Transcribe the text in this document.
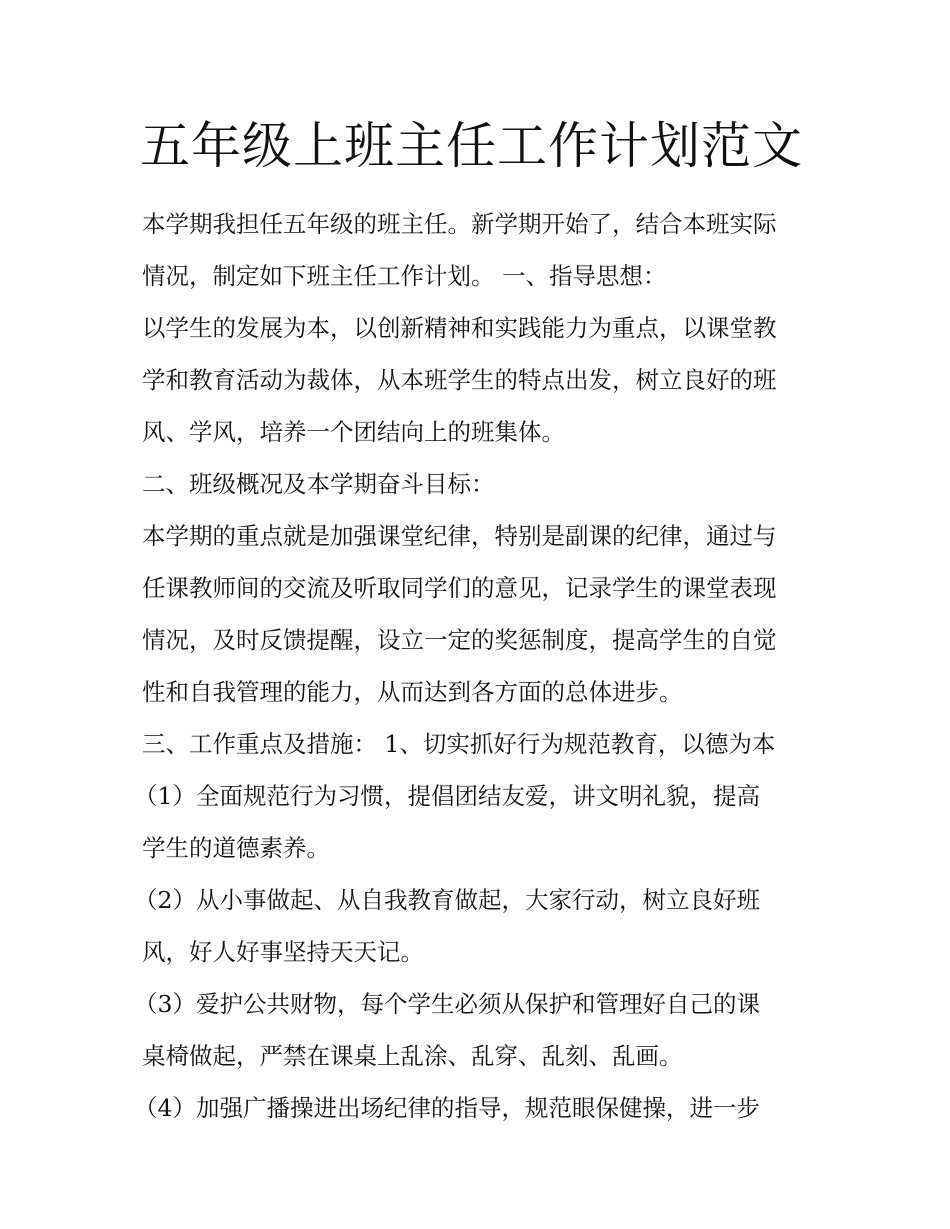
五年级上班主任工作计划范文
本学期我担任五年级的班主任。新学期开始了，结合本班实际
情况，制定如下班主任工作计划。 一、指导思想：
以学生的发展为本，以创新精神和实践能力为重点，以课堂教
学和教育活动为裁体，从本班学生的特点出发，树立良好的班
风、学风，培养一个团结向上的班集体。
二、班级概况及本学期奋斗目标：
本学期的重点就是加强课堂纪律，特别是副课的纪律，通过与
任课教师间的交流及听取同学们的意见，记录学生的课堂表现
情况，及时反馈提醒，设立一定的奖惩制度，提高学生的自觉
性和自我管理的能力，从而达到各方面的总体进步。
三、工作重点及措施： 1、切实抓好行为规范教育，以德为本
（1）全面规范行为习惯，提倡团结友爱，讲文明礼貌，提高
学生的道德素养。
（2）从小事做起、从自我教育做起，大家行动，树立良好班
风，好人好事坚持天天记。
（3）爱护公共财物，每个学生必须从保护和管理好自己的课
桌椅做起，严禁在课桌上乱涂、乱穿、乱刻、乱画。
（4）加强广播操进出场纪律的指导，规范眼保健操，进一步
